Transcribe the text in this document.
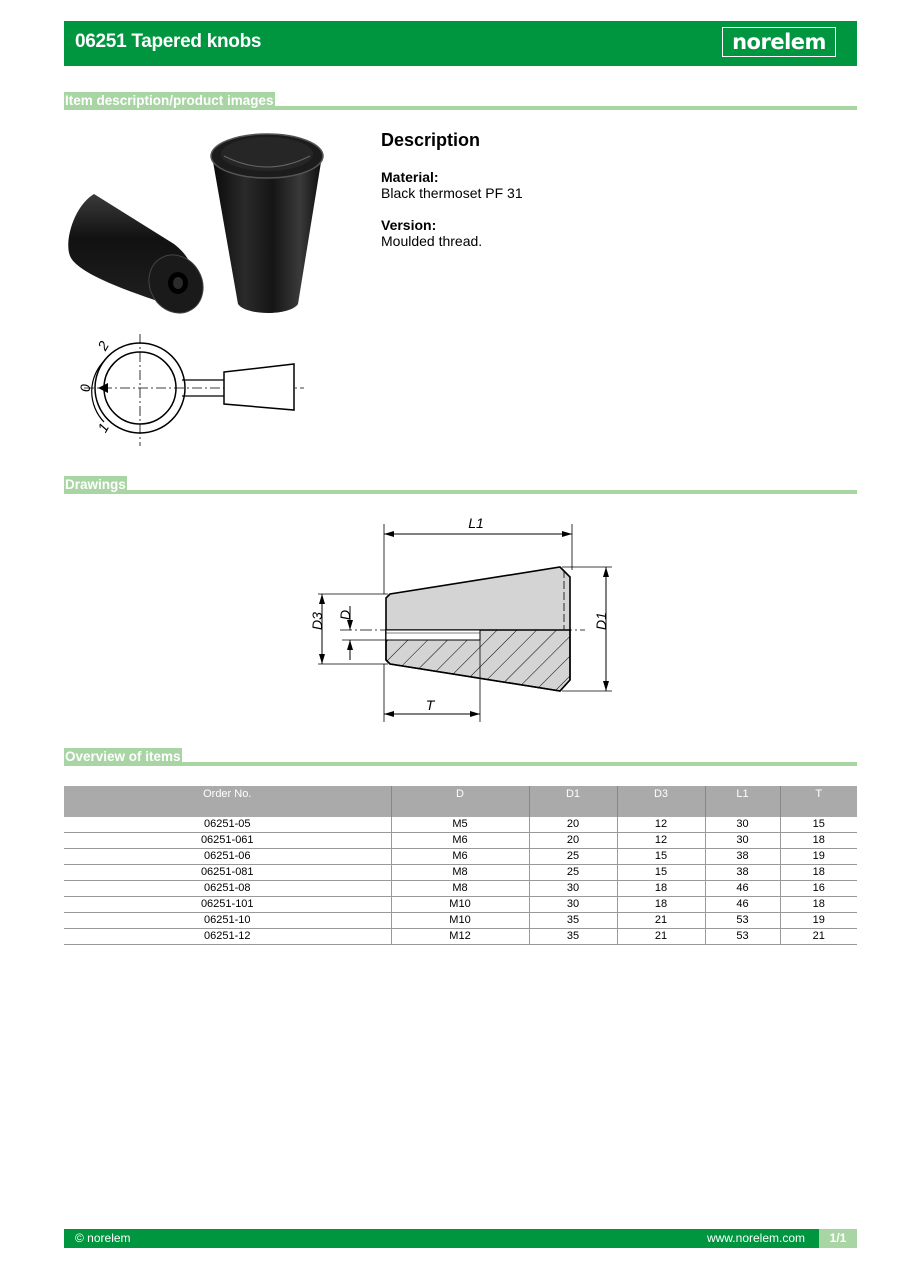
06251 Tapered knobs	norelem
Item description/product images
0
1
2
Description

Material:

Black thermoset PF 31

Version:

Moulded thread.

Drawings
L1
D1
D3 D
T
Overview of items
Order No.	D	D1	D3	L1	T
06251-05	M5	20	12	30	15
06251-061	M6	20	12	30	18
06251-06	M6	25	15	38	19
06251-081	M8	25	15	38	18
06251-08	M8	30	18	46	16
06251-101	M10	30	18	46	18
06251-10	M10	35	21	53	19
06251-12	M12	35	21	53	21
© norelem	www.norelem.com	1/1
